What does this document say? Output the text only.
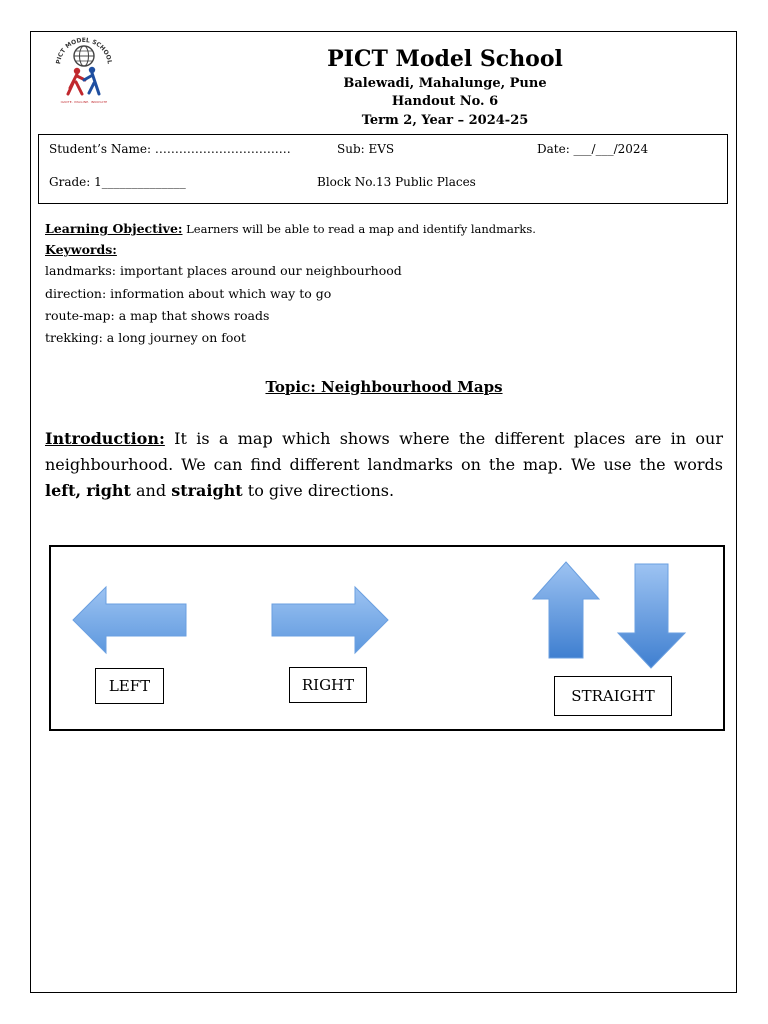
PICT MODEL SCHOOL
IGNITE. IMAGINE. INNOVATE
PICT Model School
Balewadi, Mahalunge, Pune
Handout No. 6
Term 2, Year – 2024-25
Student’s Name: ………………………….…	Sub: EVS	Date: ___/___/2024
Grade: 1______________	Block No.13 Public Places
Learning Objective: Learners will be able to read a map and identify landmarks.
Keywords:
landmarks: important places around our neighbourhood
direction: information about which way to go
route-map: a map that shows roads
trekking: a long journey on foot
Topic: Neighbourhood Maps
Introduction: It is a map which shows where the different places are in our neighbourhood. We can find different landmarks on the map. We use the words left, right and straight to give directions.
LEFT	RIGHT
STRAIGHT
